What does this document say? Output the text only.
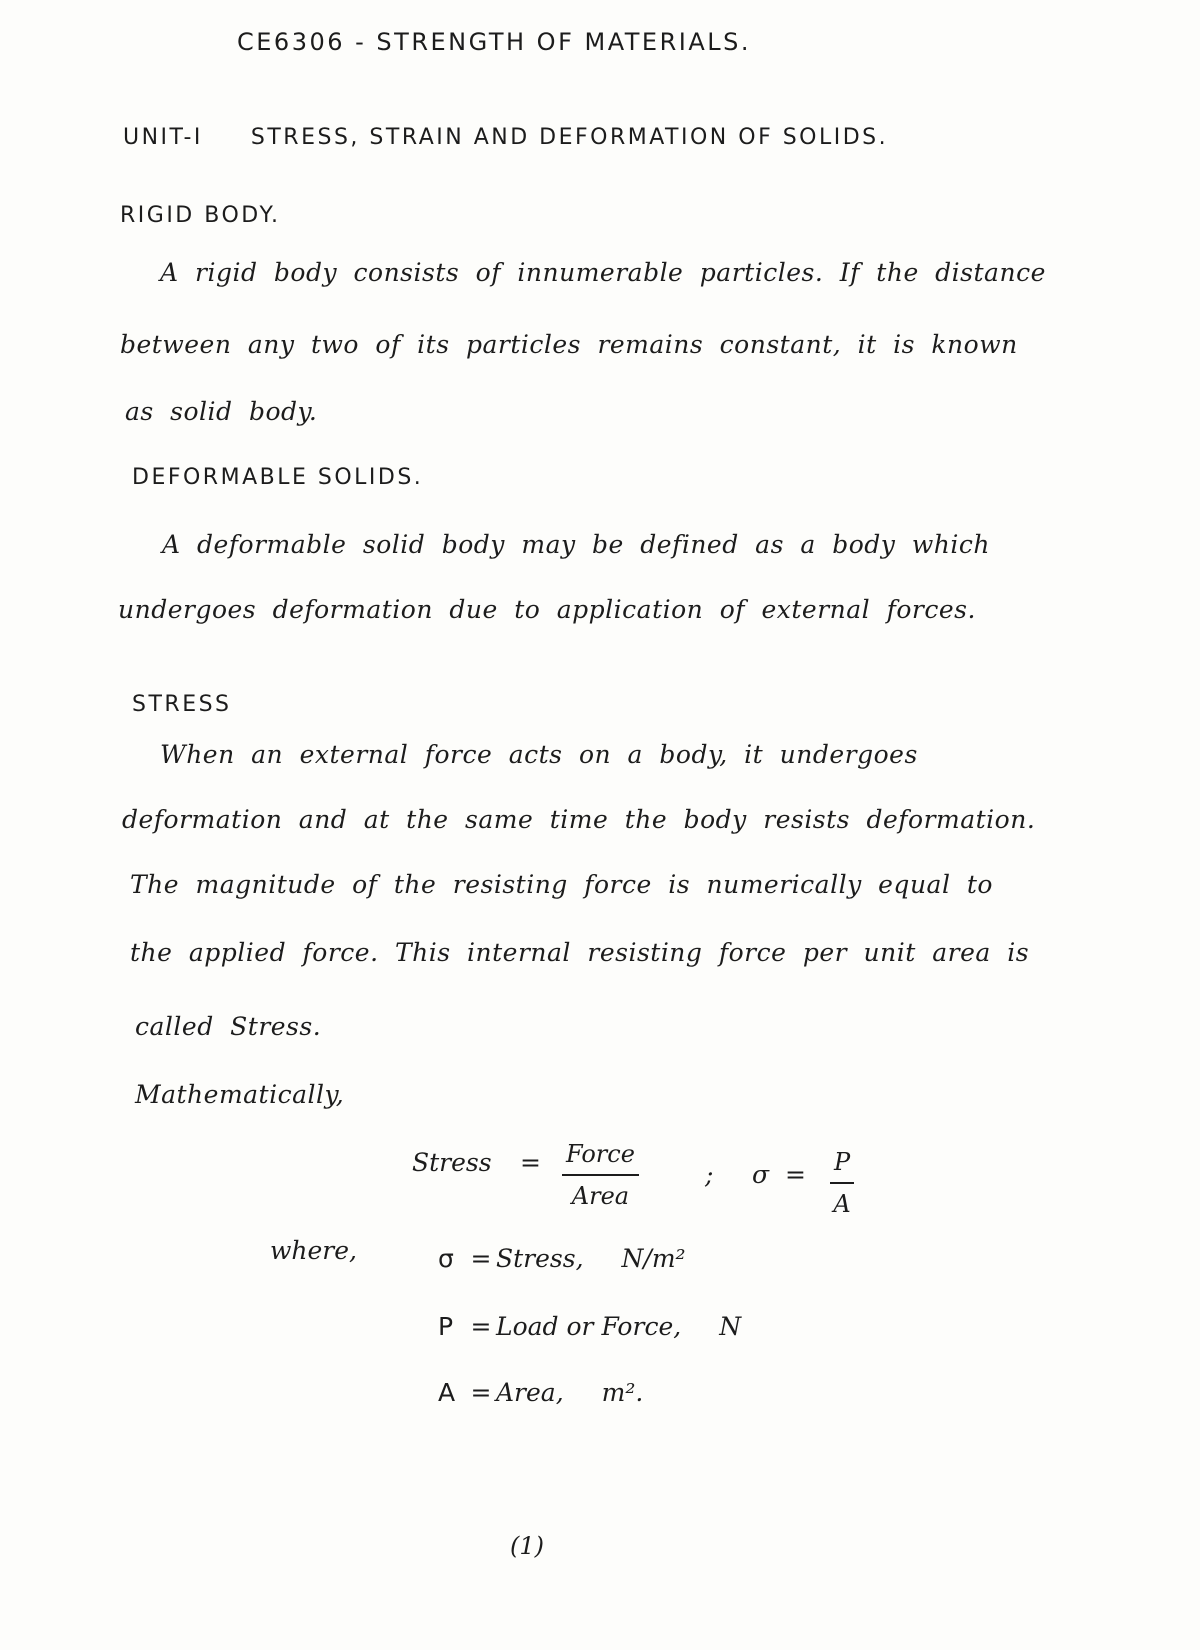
CE6306 - STRENGTH OF MATERIALS.
UNIT-I STRESS, STRAIN AND DEFORMATION OF SOLIDS.
RIGID BODY.
A rigid body consists of innumerable particles. If the distance
between any two of its particles remains constant, it is known
as solid body.
DEFORMABLE SOLIDS.
A deformable solid body may be defined as a body which
undergoes deformation due to application of external forces.
STRESS
When an external force acts on a body, it undergoes
deformation and at the same time the body resists deformation.
The magnitude of the resisting force is numerically equal to
the applied force. This internal resisting force per unit area is
called Stress.
Mathematically,
Stress = Force
Area
; $\sigma = \frac{P}{A}$
where,	σ = Stress, N/m²
P = Load or Force, N
A = Area, m².
(1)
